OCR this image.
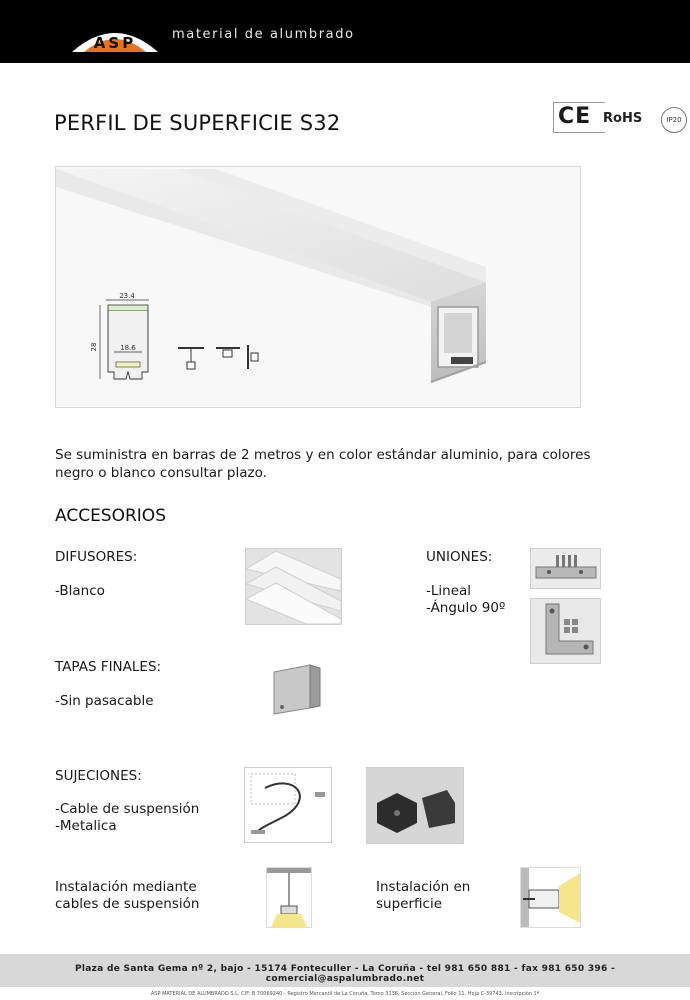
ASP	material de alumbrado
PERFIL DE SUPERFICIE S32	CE RoHS	IP20
23.4
18.6
28
Se suministra en barras de 2 metros y en color estándar aluminio, para colores negro o blanco consultar plazo.
ACCESORIOS
DIFUSORES:
-Blanco
UNIONES:
-Lineal
-Ángulo 90º
TAPAS FINALES:
-Sin pasacable
SUJECIONES:
-Cable de suspensión
-Metalica
Instalación mediante
cables de suspensión
Instalación en
superficie
Plaza de Santa Gema nº 2, bajo - 15174 Fonteculler - La Coruña - tel 981 650 881 - fax 981 650 396 - comercial@aspalumbrado.net
ASP MATERIAL DE ALUMBRADO S.L. CIF: B 70069240 - Registro Mercantil de La Coruña, Tomo 3136, Sección General, Folio 11, Hoja C-39743, Inscripción 1ª
